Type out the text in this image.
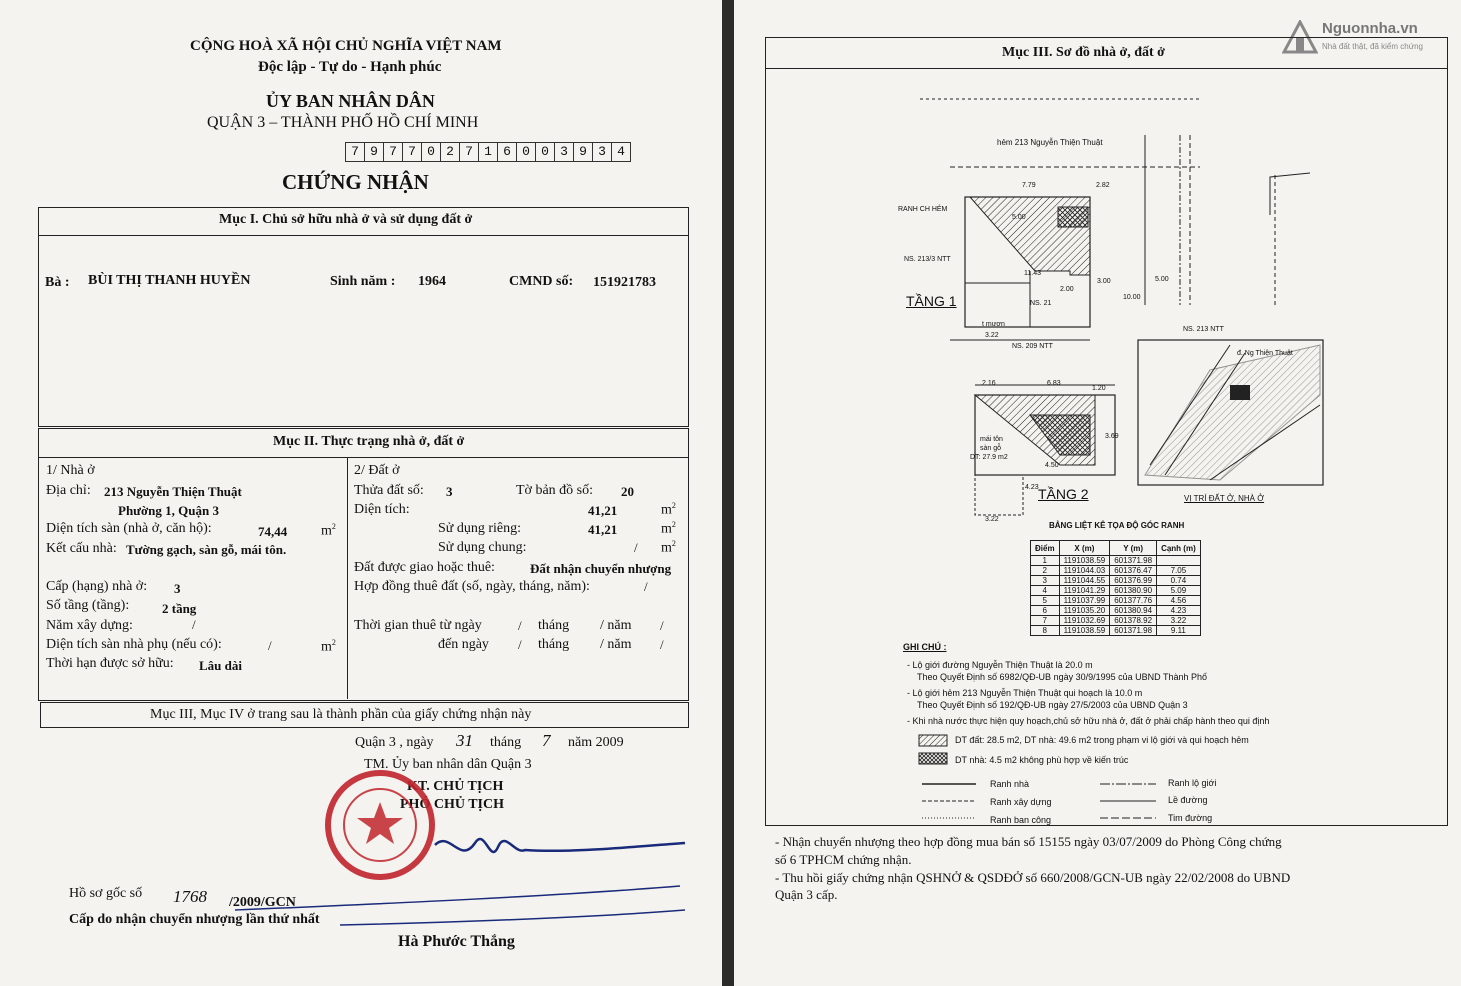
CỘNG HOÀ XÃ HỘI CHỦ NGHĨA VIỆT NAM
Độc lập - Tự do - Hạnh phúc
ỦY BAN NHÂN DÂN
QUẬN 3 – THÀNH PHỐ HỒ CHÍ MINH
7 9 7 7 0 2 7 1 6 0 0 3 9 3 4
CHỨNG NHẬN
Mục I. Chủ sở hữu nhà ở và sử dụng đất ở
Bà : BÙI THỊ THANH HUYỀN	Sinh năm : 1964	CMND số: 151921783
Mục II. Thực trạng nhà ở, đất ở
1/ Nhà ở
Địa chỉ: 213 Nguyễn Thiện Thuật
Phường 1, Quận 3
Diện tích sàn (nhà ở, căn hộ):	74,44 $m^2$
Kết cấu nhà: Tường gạch, sàn gỗ, mái tôn.
Cấp (hạng) nhà ở: 3
Số tầng (tầng):	2 tầng
Năm xây dựng:	/
Diện tích sàn nhà phụ (nếu có):	/	$m^2$
Thời hạn được sở hữu: Lâu dài
2/ Đất ở
Thửa đất số: 3	Tờ bản đồ số: 20
Diện tích:	41,21	$m^2$
Sử dụng riêng:	41,21	$m^2$
Sử dụng chung:	/ $m^2$
Đất được giao hoặc thuê:	Đất nhận chuyển nhượng
Hợp đồng thuê đất (số, ngày, tháng, năm):	/
Thời gian thuê từ ngày	/ tháng / năm /
đến ngày / tháng / năm /
Mục III, Mục IV ở trang sau là thành phần của giấy chứng nhận này
Quận 3 , ngày 31 tháng 7 năm 2009
TM. Ủy ban nhân dân Quận 3
KT. CHỦ TỊCH
PHÓ CHỦ TỊCH
Hà Phước Thắng
Hồ sơ gốc số 1768 /2009/GCN
Cấp do nhận chuyển nhượng lần thứ nhất
Nguonnha.vn
Nhà đất thật, đã kiểm chứng
Mục III. Sơ đồ nhà ở, đất ở
hẻm 213 Nguyễn Thiện Thuật
RANH CH HẺM
7.79	2.82
5.00
3.00	5.00
10.00
2.00
11.43
NS. 213/3 NTT
TẦNG 1	NS. 21
t mượn
3.22
NS. 209 NTT
NS. 213 NTT
2.16	6.83
1.20
3.69
mái tôn
sàn gỗ
DT: 27.9 m2
4.50
4.23 TẦNG 2
3.22
VỊ TRÍ ĐẤT Ở, NHÀ Ở
đ. Ng Thiện Thuật
BẢNG LIỆT KÊ TỌA ĐỘ GÓC RANH
Điểm	X (m)	Y (m)	Cạnh (m)
1	1191038.59	601371.98	
2	1191044.03	601376.47	7.05
3	1191044.55	601376.99	0.74
4	1191041.29	601380.90	5.09
5	1191037.99	601377.76	4.56
6	1191035.20	601380.94	4.23
7	1191032.69	601378.92	3.22
8	1191038.59	601371.98	9.11
GHI CHÚ :
- Lộ giới đường Nguyễn Thiện Thuật là 20.0 m
Theo Quyết Định số 6982/QĐ-UB ngày 30/9/1995 của UBND Thành Phố
- Lộ giới hẻm 213 Nguyễn Thiện Thuật qui hoạch là 10.0 m
Theo Quyết Định số 192/QĐ-UB ngày 27/5/2003 của UBND Quận 3
- Khi nhà nước thực hiện quy hoạch,chủ sở hữu nhà ở, đất ở phải chấp hành theo qui định
DT đất: 28.5 m2, DT nhà: 49.6 m2 trong phạm vi lộ giới và qui hoạch hẻm
DT nhà: 4.5 m2 không phù hợp về kiến trúc
Ranh nhà
Ranh xây dựng
Ranh ban công
Ranh lộ giới
Lề đường
Tim đường
- Nhận chuyển nhượng theo hợp đồng mua bán số 15155 ngày 03/07/2009 do Phòng Công chứng
số 6 TPHCM chứng nhận.
- Thu hồi giấy chứng nhận QSHNỞ & QSDĐỞ số 660/2008/GCN-UB ngày 22/02/2008 do UBND
Quận 3 cấp.
